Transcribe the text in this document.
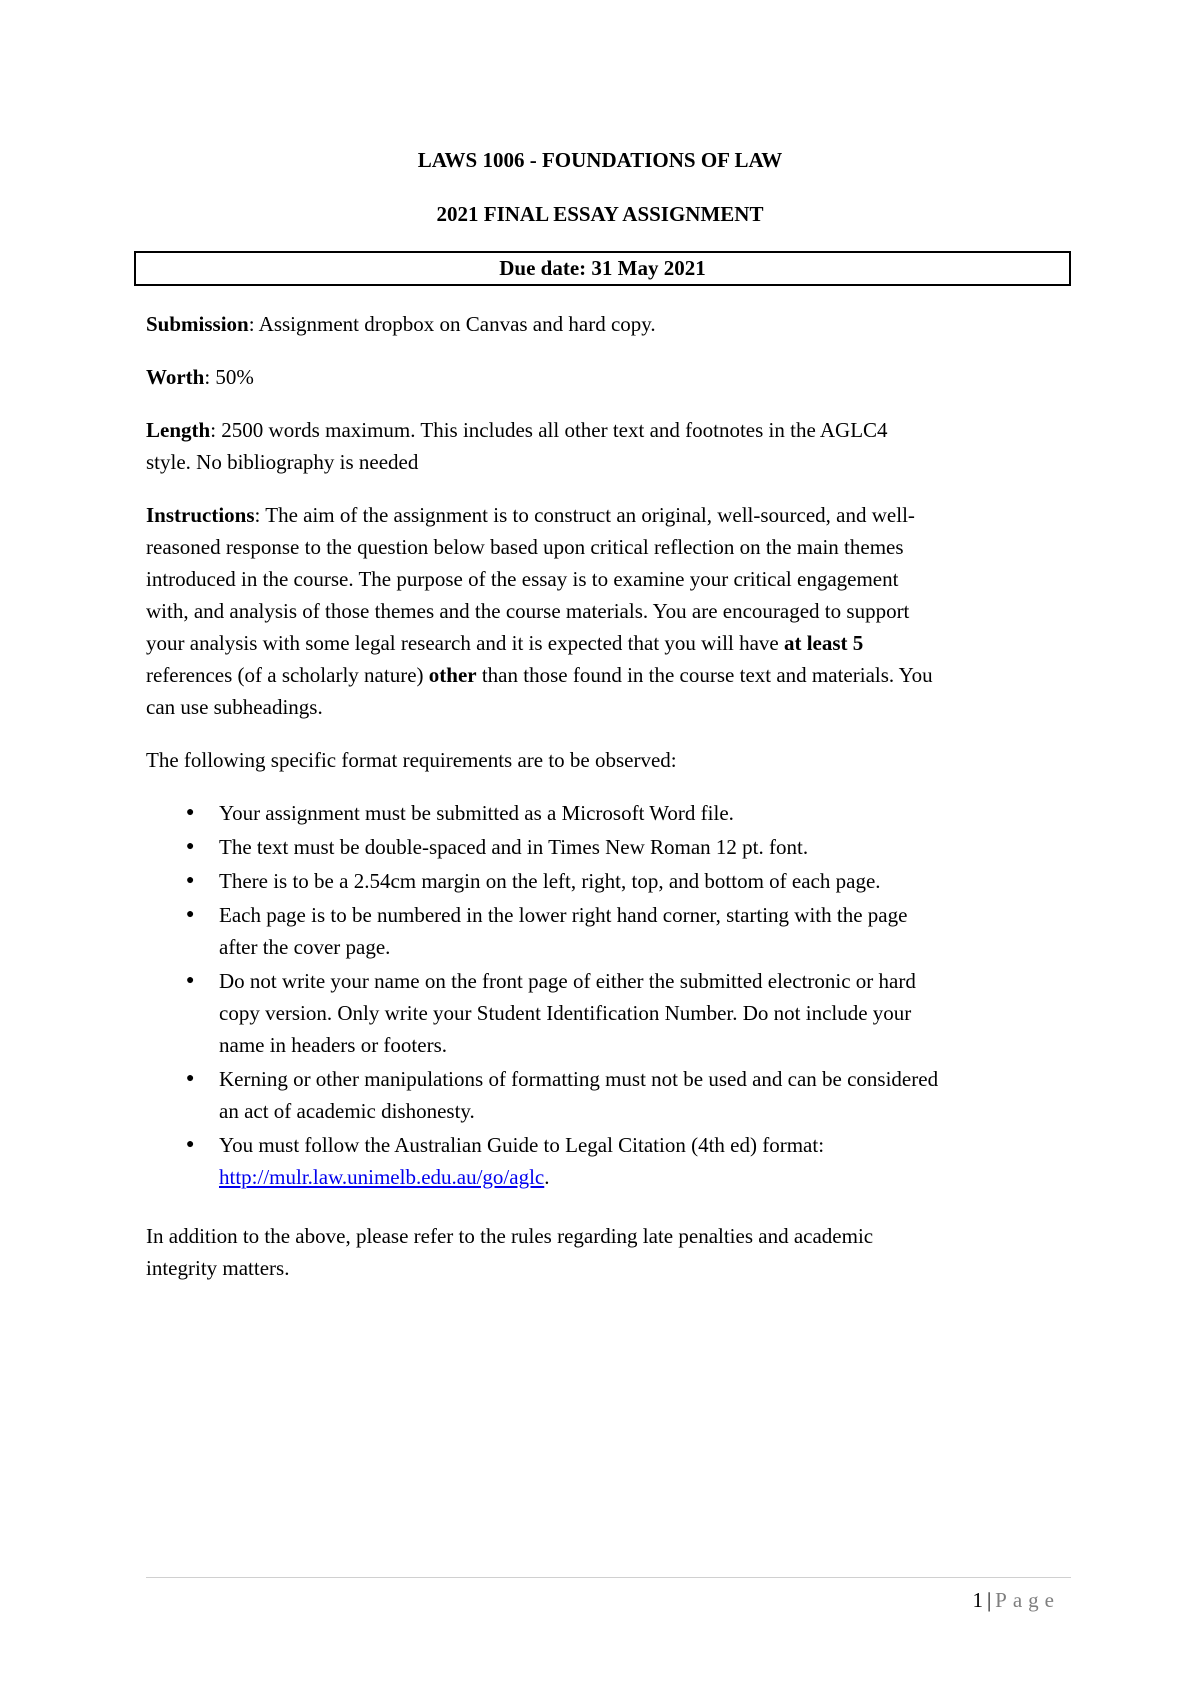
LAWS 1006 - FOUNDATIONS OF LAW
2021 FINAL ESSAY ASSIGNMENT
Due date: 31 May 2021
Submission: Assignment dropbox on Canvas and hard copy.
Worth: 50%
Length: 2500 words maximum. This includes all other text and footnotes in the AGLC4
style. No bibliography is needed
Instructions: The aim of the assignment is to construct an original, well-sourced, and well-
reasoned response to the question below based upon critical reflection on the main themes
introduced in the course. The purpose of the essay is to examine your critical engagement
with, and analysis of those themes and the course materials. You are encouraged to support
your analysis with some legal research and it is expected that you will have at least 5
references (of a scholarly nature) other than those found in the course text and materials. You
can use subheadings.
The following specific format requirements are to be observed:
● Your assignment must be submitted as a Microsoft Word file.
● The text must be double-spaced and in Times New Roman 12 pt. font.
● There is to be a 2.54cm margin on the left, right, top, and bottom of each page.
● Each page is to be numbered in the lower right hand corner, starting with the page
after the cover page.
● Do not write your name on the front page of either the submitted electronic or hard
copy version. Only write your Student Identification Number. Do not include your
name in headers or footers.
● Kerning or other manipulations of formatting must not be used and can be considered
an act of academic dishonesty.
● You must follow the Australian Guide to Legal Citation (4th ed) format:
http://mulr.law.unimelb.edu.au/go/aglc.
In addition to the above, please refer to the rules regarding late penalties and academic
integrity matters.
1 | Page
